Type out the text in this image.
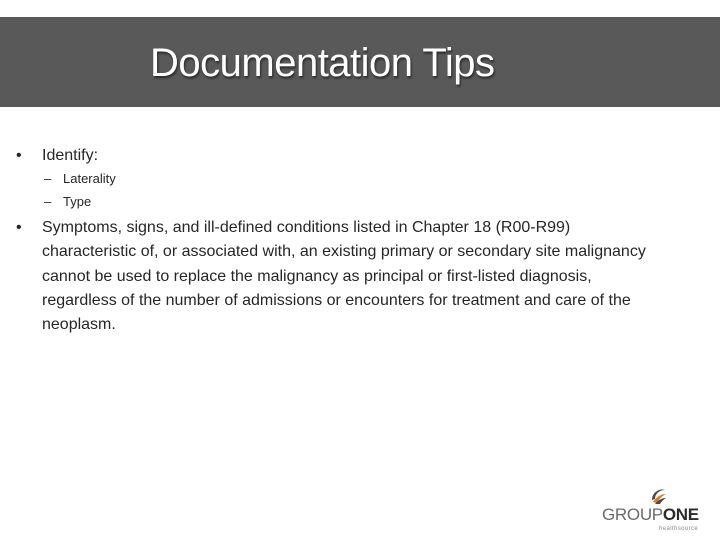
Documentation Tips
• Identify:
– Laterality
– Type
• Symptoms, signs, and ill-defined conditions listed in Chapter 18 (R00-R99) characteristic of, or associated with, an existing primary or secondary site malignancy cannot be used to replace the malignancy as principal or first-listed diagnosis, regardless of the number of admissions or encounters for treatment and care of the neoplasm.
GROUPONE
healthsource
